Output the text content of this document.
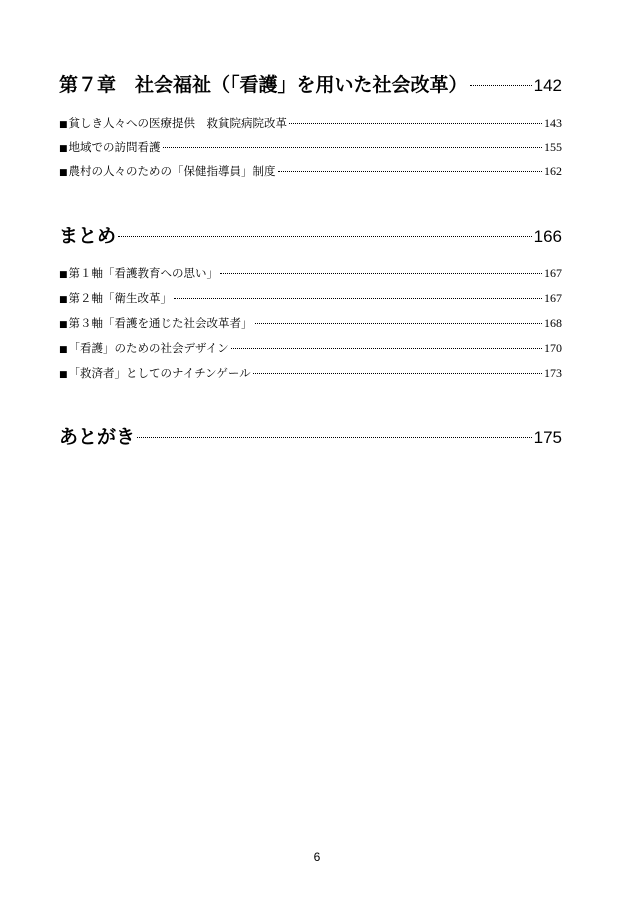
第７章　社会福祉（「看護」を用いた社会改革）	142
■貧しき人々への医療提供　救貧院病院改革	143
■地域での訪問看護	155
■農村の人々のための「保健指導員」制度	162
まとめ	166
■第１軸「看護教育への思い」	167
■第２軸「衛生改革」	167
■第３軸「看護を通じた社会改革者」	168
■「看護」のための社会デザイン	170
■「救済者」としてのナイチンゲール	173
あとがき	175
6
